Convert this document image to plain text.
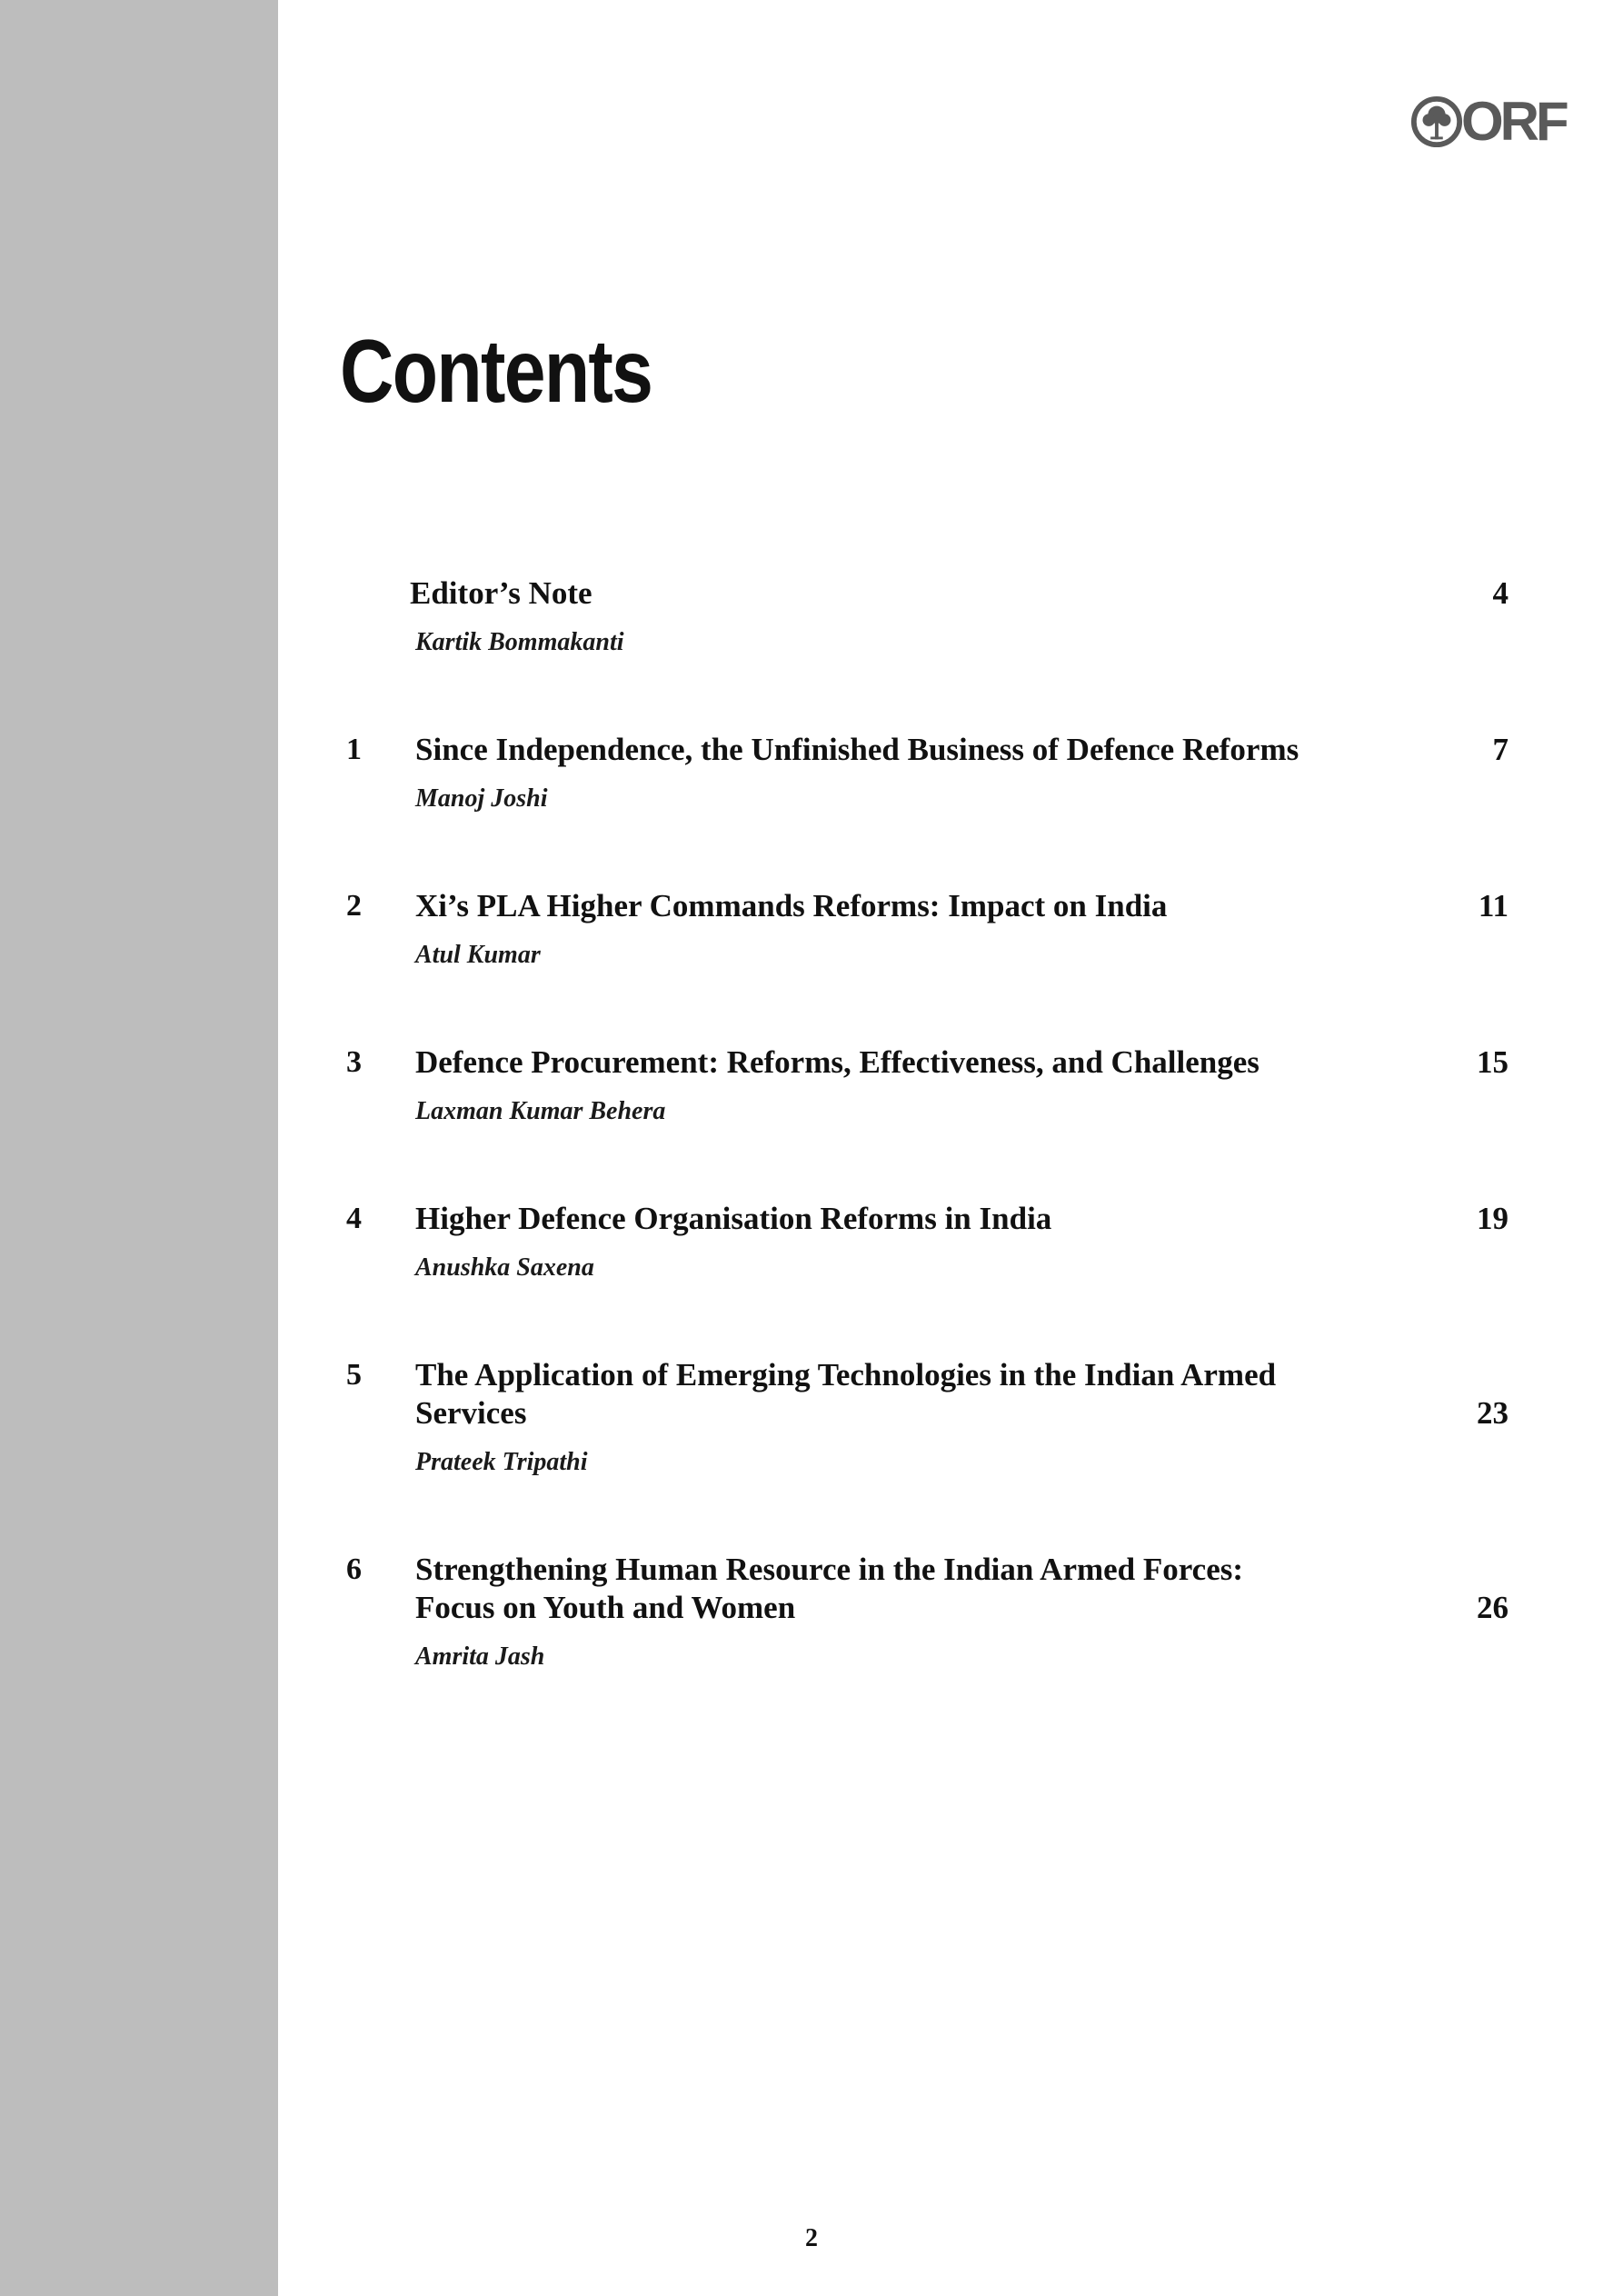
ORF
Contents
Editor’s Note
Kartik Bommakanti
4
1 Since Independence, the Unfinished Business of Defence Reforms
Manoj Joshi
7
2 Xi’s PLA Higher Commands Reforms: Impact on India
Atul Kumar
11
3 Defence Procurement: Reforms, Effectiveness, and Challenges
Laxman Kumar Behera
15
4 Higher Defence Organisation Reforms in India
Anushka Saxena
19
5 The Application of Emerging Technologies in the Indian Armed Services
Prateek Tripathi
23
6 Strengthening Human Resource in the Indian Armed Forces: Focus on Youth and Women
Amrita Jash
26
2
